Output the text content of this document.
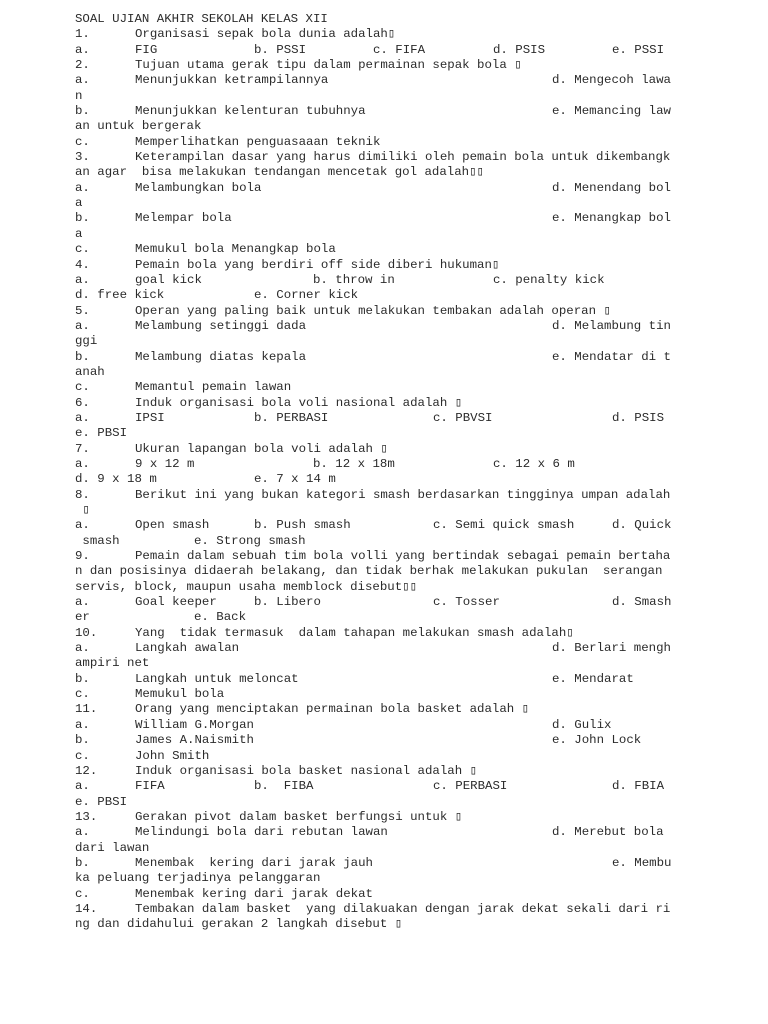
SOAL UJIAN AKHIR SEKOLAH KELAS XII
1.	Organisasi sepak bola dunia adalah▯
a.	FIG	b. PSSI	c. FIFA	d. PSIS	e. PSSI
2.	Tujuan utama gerak tipu dalam permainan sepak bola ▯
a.	Menunjukkan ketrampilannya	d. Mengecoh lawa
n
b.	Menunjukkan kelenturan tubuhnya	e. Memancing law
an untuk bergerak
c.	Memperlihatkan penguasaaan teknik
3.	Keterampilan dasar yang harus dimiliki oleh pemain bola untuk dikembangk
an agar  bisa melakukan tendangan mencetak gol adalah▯▯
a.	Melambungkan bola	d. Menendang bol
a
b.	Melempar bola	e. Menangkap bol
a
c.	Memukul bola Menangkap bola
4.	Pemain bola yang berdiri off side diberi hukuman▯
a.	goal kick	b. throw in	c. penalty kick
d. free kick	e. Corner kick
5.	Operan yang paling baik untuk melakukan tembakan adalah operan ▯
a.	Melambung setinggi dada	d. Melambung tin
ggi
b.	Melambung diatas kepala	e. Mendatar di t
anah
c.	Memantul pemain lawan
6.	Induk organisasi bola voli nasional adalah ▯
a.	IPSI	b. PERBASI	c. PBVSI	d. PSIS
e. PBSI
7.	Ukuran lapangan bola voli adalah ▯
a.	9 x 12 m	b. 12 x 18m	c. 12 x 6 m
d. 9 x 18 m	e. 7 x 14 m
8.	Berikut ini yang bukan kategori smash berdasarkan tingginya umpan adalah
▯
a.	Open smash	b. Push smash	c. Semi quick smash	d. Quick
smash	e. Strong smash
9.	Pemain dalam sebuah tim bola volli yang bertindak sebagai pemain bertaha
n dan posisinya didaerah belakang, dan tidak berhak melakukan pukulan  serangan
servis, block, maupun usaha memblock disebut▯▯
a.	Goal keeper	b. Libero	c. Tosser	d. Smash
er	e. Back
10.	Yang  tidak termasuk  dalam tahapan melakukan smash adalah▯
a.	Langkah awalan	d. Berlari mengh
ampiri net
b.	Langkah untuk meloncat	e. Mendarat
c.	Memukul bola
11.	Orang yang menciptakan permainan bola basket adalah ▯
a.	William G.Morgan	d. Gulix
b.	James A.Naismith	e. John Lock
c.	John Smith
12.	Induk organisasi bola basket nasional adalah ▯
a.	FIFA	b.  FIBA	c. PERBASI	d. FBIA
e. PBSI
13.	Gerakan pivot dalam basket berfungsi untuk ▯
a.	Melindungi bola dari rebutan lawan	d. Merebut bola
dari lawan
b.	Menembak  kering dari jarak jauh	e. Membu
ka peluang terjadinya pelanggaran
c.	Menembak kering dari jarak dekat
14.	Tembakan dalam basket  yang dilakuakan dengan jarak dekat sekali dari ri
ng dan didahului gerakan 2 langkah disebut ▯
